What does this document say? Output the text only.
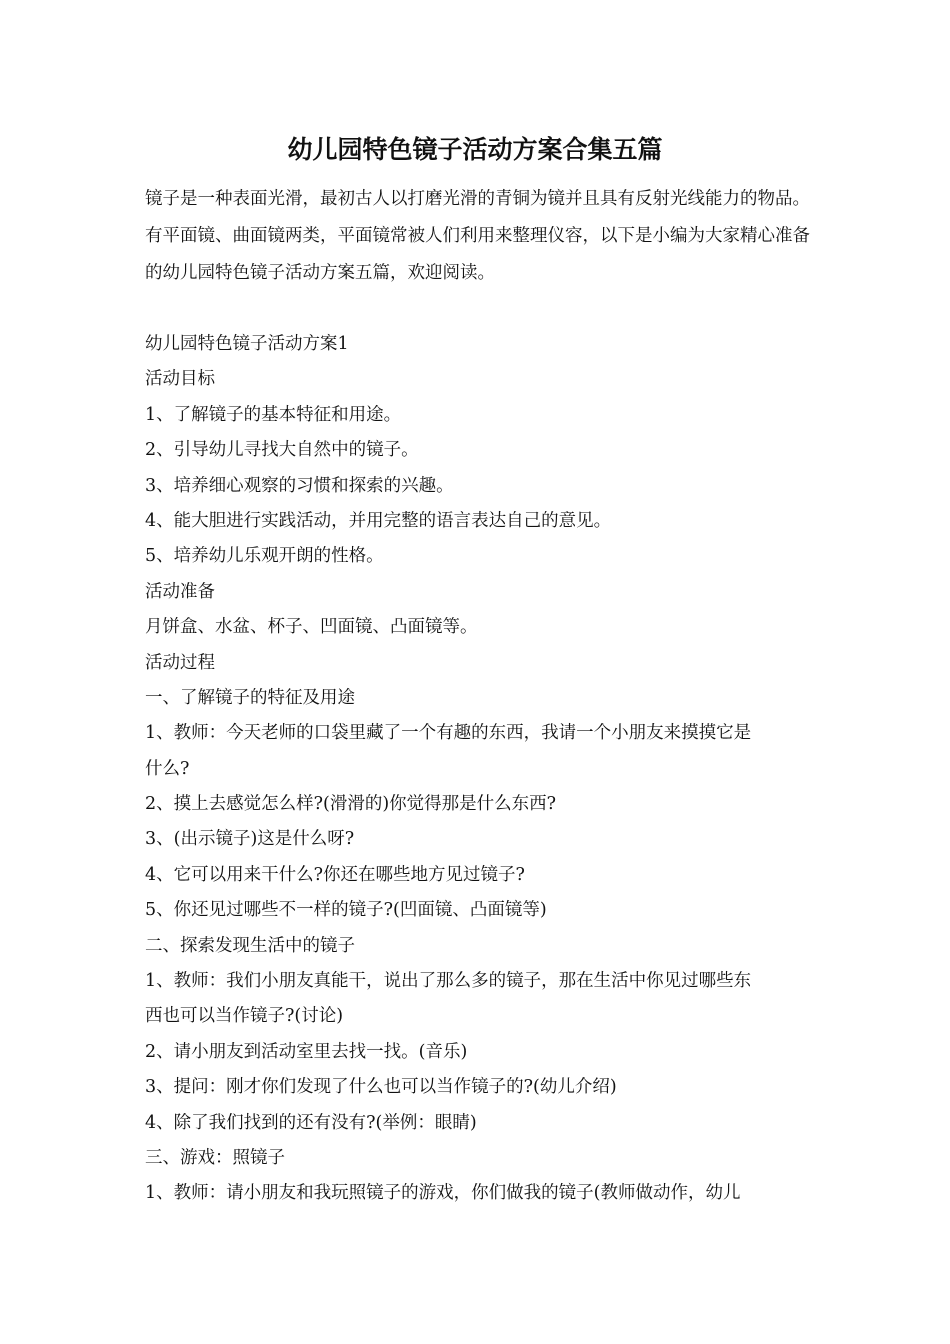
幼儿园特色镜子活动方案合集五篇

镜子是一种表面光滑，最初古人以打磨光滑的青铜为镜并且具有反射光线能力的物品。有平面镜、曲面镜两类，平面镜常被人们利用来整理仪容，以下是小编为大家精心准备的幼儿园特色镜子活动方案五篇，欢迎阅读。

幼儿园特色镜子活动方案1
活动目标
1、了解镜子的基本特征和用途。
2、引导幼儿寻找大自然中的镜子。
3、培养细心观察的习惯和探索的兴趣。
4、能大胆进行实践活动，并用完整的语言表达自己的意见。
5、培养幼儿乐观开朗的性格。
活动准备
月饼盒、水盆、杯子、凹面镜、凸面镜等。
活动过程
一、了解镜子的特征及用途
1、教师：今天老师的口袋里藏了一个有趣的东西，我请一个小朋友来摸摸它是
什么?
2、摸上去感觉怎么样?(滑滑的)你觉得那是什么东西?
3、(出示镜子)这是什么呀?
4、它可以用来干什么?你还在哪些地方见过镜子?
5、你还见过哪些不一样的镜子?(凹面镜、凸面镜等)
二、探索发现生活中的镜子
1、教师：我们小朋友真能干，说出了那么多的镜子，那在生活中你见过哪些东
西也可以当作镜子?(讨论)
2、请小朋友到活动室里去找一找。(音乐)
3、提问：刚才你们发现了什么也可以当作镜子的?(幼儿介绍)
4、除了我们找到的还有没有?(举例：眼睛)
三、游戏：照镜子
1、教师：请小朋友和我玩照镜子的游戏，你们做我的镜子(教师做动作，幼儿
